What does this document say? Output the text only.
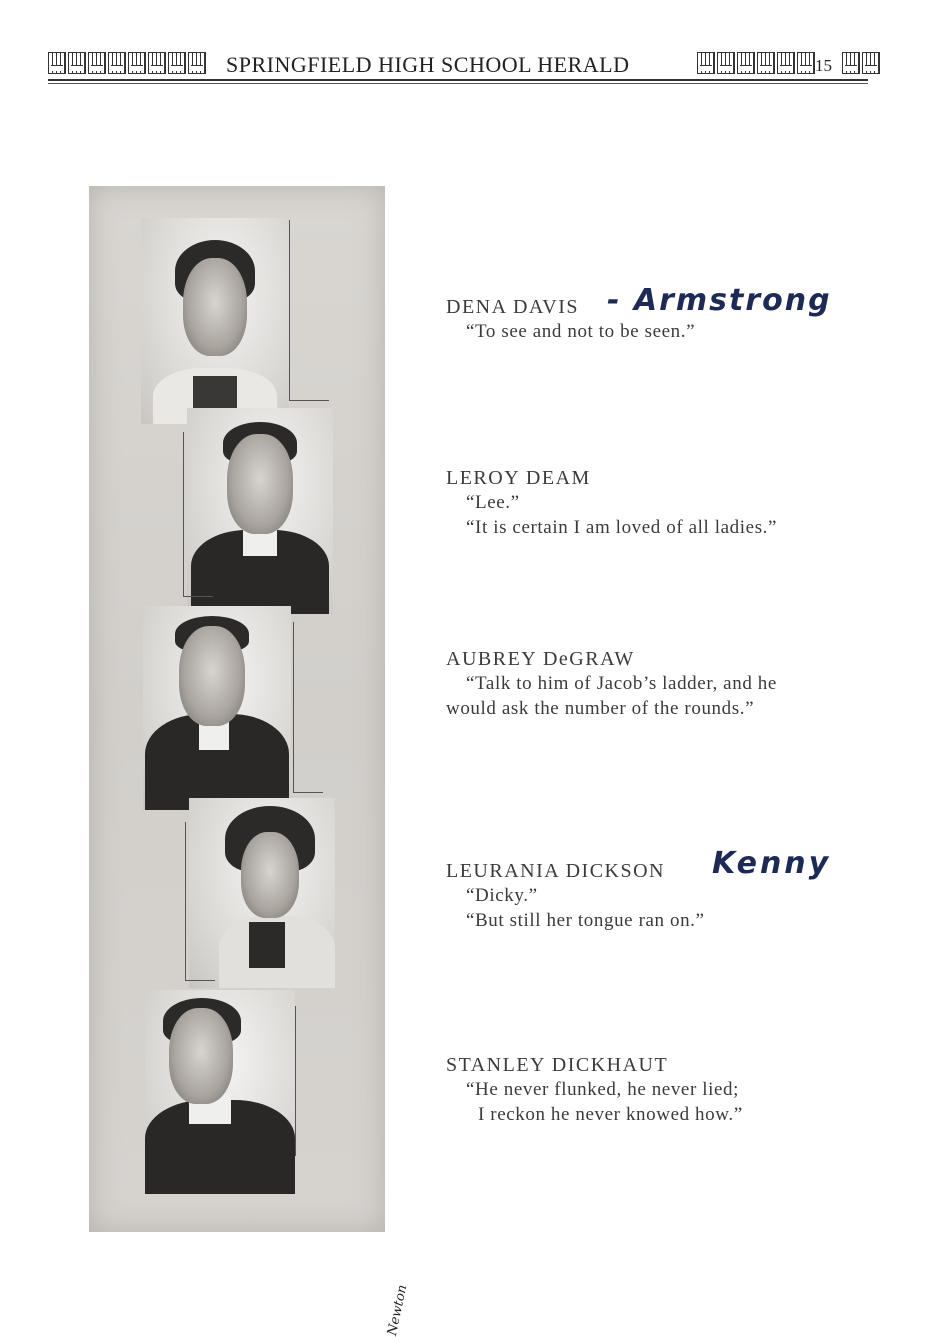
SPRINGFIELD HIGH SCHOOL HERALD	15
Newton
DENA DAVIS
“To see and not to be seen.”
- Armstrong
LEROY DEAM
“Lee.”
“It is certain I am loved of all ladies.”
AUBREY DeGRAW
“Talk to him of Jacob’s ladder, and he
would ask the number of the rounds.”
LEURANIA DICKSON
“Dicky.”
“But still her tongue ran on.”
Kenny
STANLEY DICKHAUT
“He never flunked, he never lied;
I reckon he never knowed how.”
